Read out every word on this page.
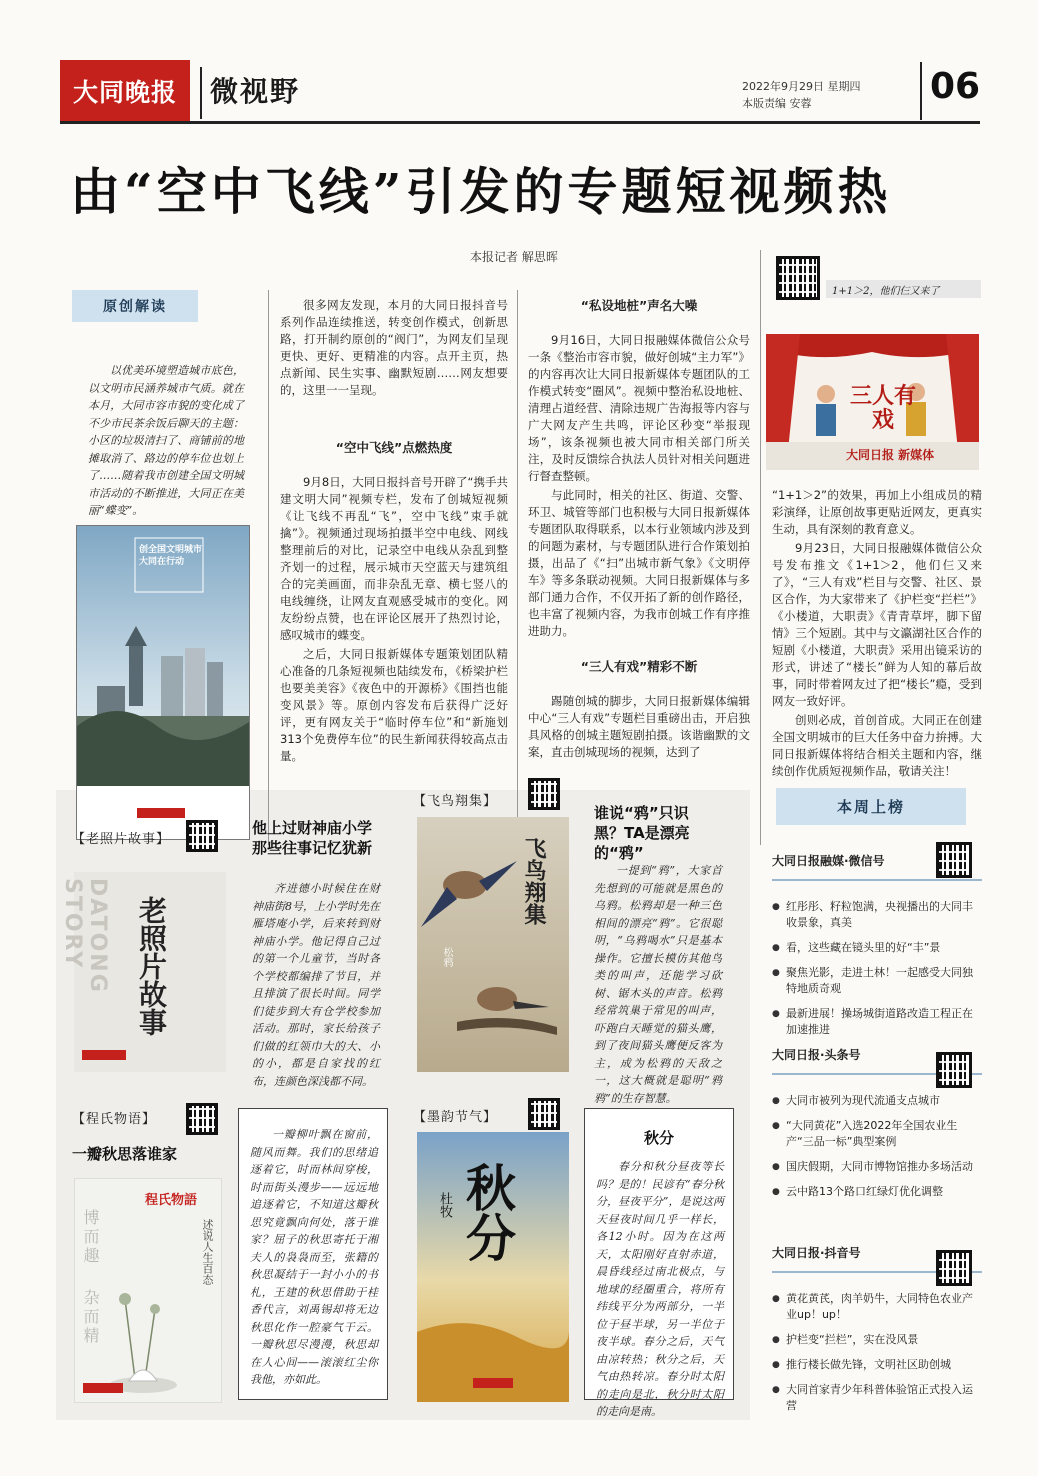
大同晚报	微视野	2022年9月29日 星期四
本版责编 安蓉	06
由“空中飞线”引发的专题短视频热
本报记者 解思晖
原创解读

以优美环境塑造城市底色，以文明市民涵养城市气质。就在本月，大同市容市貌的变化成了不少市民茶余饭后聊天的主题：小区的垃圾清扫了、商铺前的地摊取消了、路边的停车位也划上了……随着我市创建全国文明城市活动的不断推进，大同正在美丽“蝶变”。

创全国文明城市 大同在行动

很多网友发现，本月的大同日报抖音号系列作品连续推送，转变创作模式，创新思路，打开制约原创的“阀门”，为网友们呈现更快、更好、更精准的内容。点开主页，热点新闻、民生实事、幽默短剧……网友想要的，这里一一呈现。

“空中飞线”点燃热度

9月8日，大同日报抖音号开辟了“携手共建文明大同”视频专栏，发布了创城短视频《让飞线不再乱“飞”，空中飞线”束手就擒”》。视频通过现场拍摄半空中电线、网线整理前后的对比，记录空中电线从杂乱到整齐划一的过程，展示城市天空蓝天与建筑组合的完美画面，而非杂乱无章、横七竖八的电线缠绕，让网友直观感受城市的变化。网友纷纷点赞，也在评论区展开了热烈讨论，感叹城市的蝶变。

之后，大同日报新媒体专题策划团队精心准备的几条短视频也陆续发布，《桥梁护栏也要美美容》《夜色中的开源桥》《围挡也能变风景》等。原创内容发布后获得广泛好评，更有网友关于“临时停车位”和“新施划313个免费停车位”的民生新闻获得较高点击量。

“私设地桩”声名大噪

9月16日，大同日报融媒体微信公众号一条《整治市容市貌，做好创城“主力军”》的内容再次让大同日报新媒体专题团队的工作模式转变“圈风”。视频中整治私设地桩、清理占道经营、清除违规广告海报等内容与广大网友产生共鸣，评论区秒变“举报现场”，该条视频也被大同市相关部门所关注，及时反馈综合执法人员针对相关问题进行督查整顿。

与此同时，相关的社区、街道、交警、环卫、城管等部门也积极与大同日报新媒体专题团队取得联系，以本行业领域内涉及到的问题为素材，与专题团队进行合作策划拍摄，出品了《“扫”出城市新气象》《文明停车》等多条联动视频。大同日报新媒体与多部门通力合作，不仅开拓了新的创作路径，也丰富了视频内容，为我市创城工作有序推进助力。

“三人有戏”精彩不断

踢随创城的脚步，大同日报新媒体编辑中心“三人有戏”专题栏目重磅出击，开启独具风格的创城主题短剧拍摄。该谐幽默的文案，直击创城现场的视频，达到了

1+1＞2，他们仨又来了
三人有戏
大同日报 新媒体

“1+1＞2”的效果，再加上小组成员的精彩演绎，让原创故事更贴近网友，更真实生动，具有深刻的教育意义。

9月23日，大同日报融媒体微信公众号发布推文《1+1＞2，他们仨又来了》，“三人有戏”栏目与交警、社区、景区合作，为大家带来了《护栏变“拦栏”》《小楼道，大职责》《青青草坪，脚下留情》三个短剧。其中与文瀛湖社区合作的短剧《小楼道，大职责》采用出镜采访的形式，讲述了“楼长”鲜为人知的幕后故事，同时带着网友过了把“楼长”瘾，受到网友一致好评。

创则必成，首创首成。大同正在创建全国文明城市的巨大任务中奋力拚搏。大同日报新媒体将结合相关主题和内容，继续创作优质短视频作品，敬请关注！

【老照片故事】
他上过财神庙小学 那些往事记忆犹新
DATONG STORY	老照片故事

齐进德小时候住在财神庙街8号，上小学时先在雁塔庵小学，后来转到财神庙小学。他记得自己过的第一个儿童节，当时各个学校都编排了节目，并且排演了很长时间。同学们徒步到大有仓学校参加活动。那时，家长给孩子们做的红领巾大的大、小的小，都是自家找的红布，连颜色深浅都不同。

【飞鸟翔集】
飞鸟翔集
松鸦
谁说“鸦”只识黑？TA是漂亮的“鸦”

一提到“鸦”，大家首先想到的可能就是黑色的乌鸦。松鸦却是一种三色相间的漂亮“鸦”。它很聪明，“乌鸦喝水”只是基本操作。它擅长模仿其他鸟类的叫声，还能学习砍树、锯木头的声音。松鸦经常筑巢于常见的叫声，吓跑白天睡觉的猫头鹰，到了夜间猫头鹰便反客为主，成为松鸦的天敌之一，这大概就是聪明“鸦鸦”的生存智慧。

【程氏物语】
一瓣秋思落谁家
博而趣
杂而精
程氏物語
述说人生百态

一瓣柳叶飘在窗前，随风而舞。我们的思绪追逐着它，时而林间穿梭，时而街头漫步——远远地追逐着它，不知道这瓣秋思究竟飘向何处，落于谁家？屈子的秋思寄托于湘夫人的袅袅而至，张籍的秋思凝结于一封小小的书札，王建的秋思借助于桂香代言，刘禹锡却将无边秋思化作一腔豪气干云。一瓣秋思尽漫漫，秋思却在人心间——滚滚红尘你我他，亦如此。

【墨韵节气】
秋分
杜牧
秋分

春分和秋分昼夜等长吗？是的！民谚有“春分秋分，昼夜平分”，是说这两天昼夜时间几乎一样长，各12小时。因为在这两天，太阳刚好直射赤道，晨昏线经过南北极点，与地球的经圈重合，将所有纬线平分为两部分，一半位于昼半球，另一半位于夜半球。春分之后，天气由凉转热；秋分之后，天气由热转凉。春分时太阳的走向是北，秋分时太阳的走向是南。

本周上榜
大同日报融媒·微信号
● 红彤彤、籽粒饱满，央视播出的大同丰收景象，真美
● 看，这些藏在镜头里的好“丰”景
● 聚焦光影，走进土林！一起感受大同独特地质奇观
● 最新进展！操场城街道路改造工程正在加速推进
大同日报·头条号
● 大同市被列为现代流通支点城市
● “大同黄花”入选2022年全国农业生产“三品一标”典型案例
● 国庆假期，大同市博物馆推办多场活动
● 云中路13个路口红绿灯优化调整
大同日报·抖音号
● 黄花黄芪，肉羊奶牛，大同特色农业产业up！up！
● 护栏变“拦栏”，实在没风景
● 推行楼长做先锋，文明社区助创城
● 大同首家青少年科普体验馆正式投入运营
